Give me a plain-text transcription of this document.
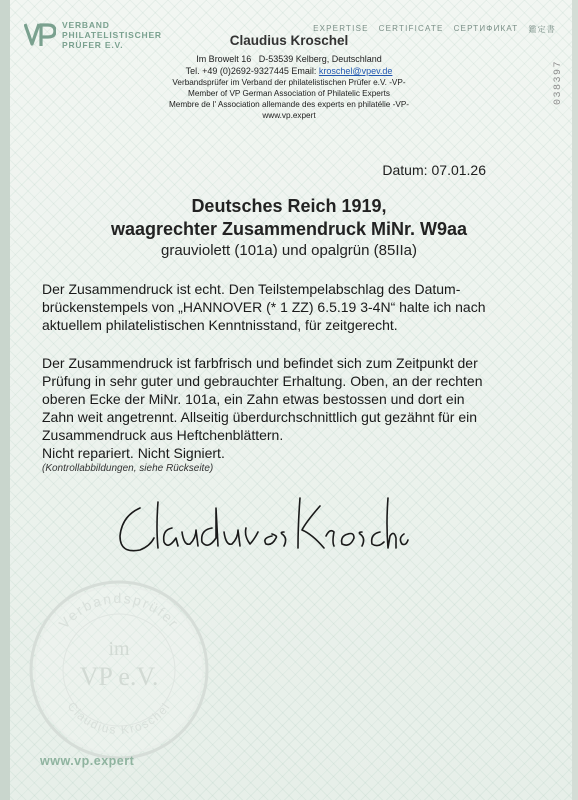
VERBAND
PHILATELISTISCHER
PRÜFER E.V.
EXPERTISE CERTIFICATE СЕРТИФИКАТ 鑑定書
Claudius Kroschel
Im Browelt 16   D-53539 Kelberg, Deutschland
Tel. +49 (0)2692-9327445 Email: kroschel@vpev.de
Verbandsprüfer im Verband der philatelistischen Prüfer e.V. -VP-
Member of VP German Association of Philatelic Experts
Membre de l' Association allemande des experts en philatélie -VP-
www.vp.expert
038397
Datum: 07.01.26
Deutsches Reich 1919,
waagrechter Zusammendruck MiNr. W9aa
grauviolett (101a) und opalgrün (85IIa)
Der Zusammendruck ist echt. Den Teilstempelabschlag des Datum-
brückenstempels von „HANNOVER (* 1 ZZ) 6.5.19 3-4N“ halte ich nach
aktuellem philatelistischen Kenntnisstand, für zeitgerecht.
Der Zusammendruck ist farbfrisch und befindet sich zum Zeitpunkt der
Prüfung in sehr guter und gebrauchter Erhaltung. Oben, an der rechten
oberen Ecke der MiNr. 101a, ein Zahn etwas bestossen und dort ein
Zahn weit angetrennt. Allseitig überdurchschnittlich gut gezähnt für ein
Zusammendruck aus Heftchenblättern.
Nicht repariert. Nicht Signiert.
(Kontrollabbildungen, siehe Rückseite)
Verbandsprüfer
im
VP e.V.
Claudius Kroschel
www.vp.expert
